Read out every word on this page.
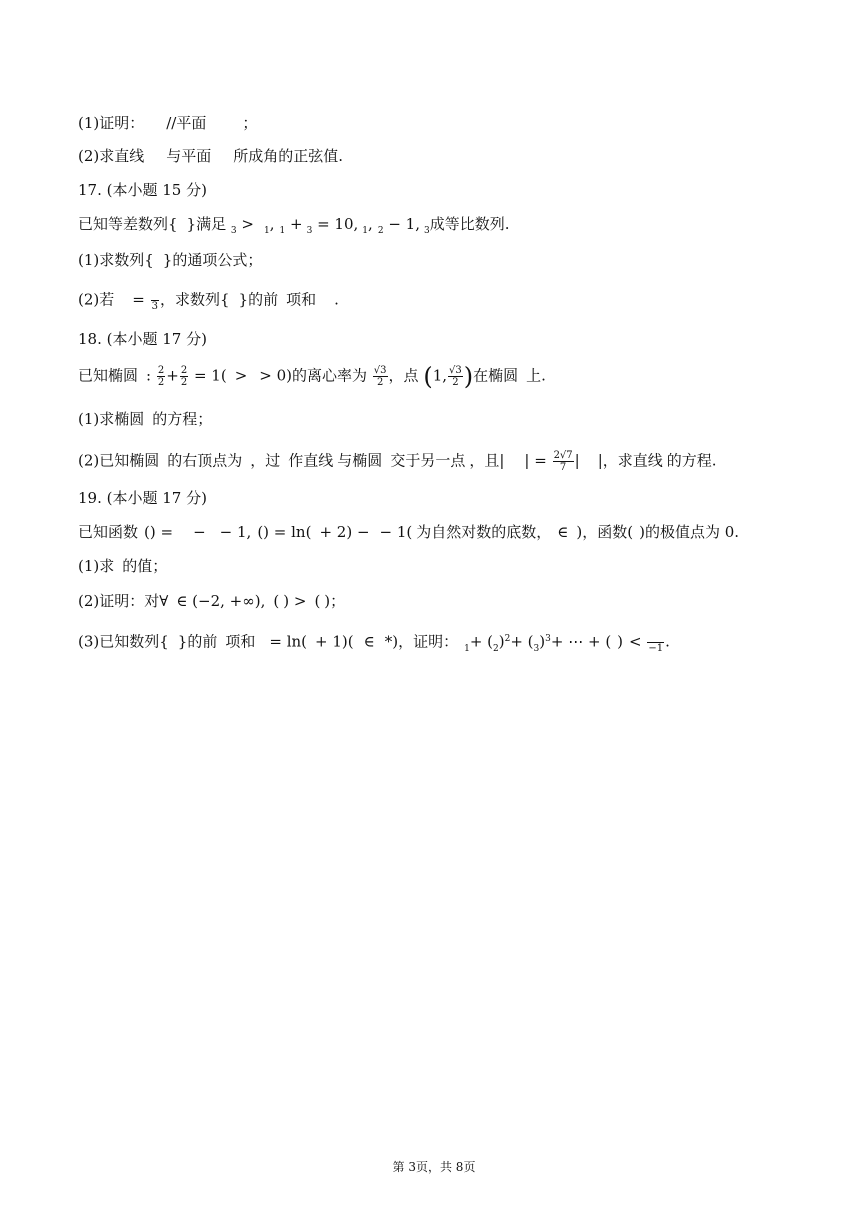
(1)证明： //平面 ；
(2)求直线 与平面 所成角的正弦值.
17. (本小题 15 分)
已知等差数列{ }满足 $_3$ > $_1$, $_1$ + $_3$ = 10, $_1$, $_2$ − 1, $_3$成等比数列.
(1)求数列{ }的通项公式；
(2)若 =
3 ，求数列{ }的前 项和 .
18. (本小题 17 分)
已知椭圆 : $\frac{2}{2} + \frac{2}{2} = 1$( > > 0)的离心率为 $\frac{√3}{2}$ ，点 (1, $\frac{√3}{2}$ )在椭圆 上.
(1)求椭圆 的方程；
(2)已知椭圆 的右顶点为 ，过 作直线 与椭圆 交于另一点 ，且| | = $\frac{2√7}{7}$ | |，求直线 的方程.
19. (本小题 17 分)
已知函数 () = − − 1, () = ln( + 2) − − 1( 为自然对数的底数， ∈ )，函数( )的极值点为 0.
(1)求 的值；
(2)证明：对∀ ∈ (−2, +∞), ( ) > ( )；
(3)已知数列{ }的前 项和 = ln( + 1)( ∈ *)，证明： $_1+ (_2)^2+ (_3)^3+$ ⋯ + ( ) <
−1 .
第 3页，共 8页
